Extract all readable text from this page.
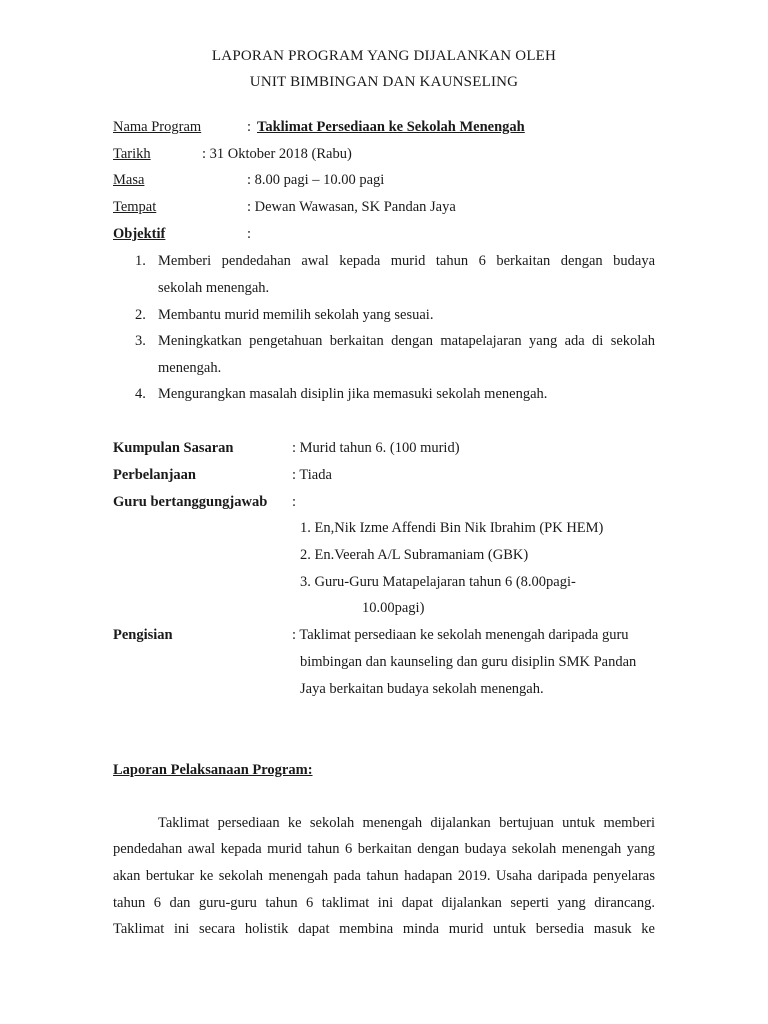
LAPORAN PROGRAM YANG DIJALANKAN OLEH
UNIT BIMBINGAN DAN KAUNSELING
Nama Program	: Taklimat Persediaan ke Sekolah Menengah
Tarikh	: 31 Oktober 2018 (Rabu)
Masa	: 8.00 pagi – 10.00 pagi
Tempat	: Dewan Wawasan, SK Pandan Jaya
Objektif	:
1. Memberi pendedahan awal kepada murid tahun 6 berkaitan dengan budaya
sekolah menengah.
2. Membantu murid memilih sekolah yang sesuai.
3. Meningkatkan pengetahuan berkaitan dengan matapelajaran yang ada di sekolah
menengah.
4. Mengurangkan masalah disiplin jika memasuki sekolah menengah.
Kumpulan Sasaran	: Murid tahun 6. (100 murid)
Perbelanjaan	: Tiada
Guru bertanggungjawab :
1. En,Nik Izme Affendi Bin Nik Ibrahim (PK HEM)
2. En.Veerah A/L Subramaniam (GBK)
3. Guru-Guru Matapelajaran tahun 6 (8.00pagi-
10.00pagi)
Pengisian	: Taklimat persediaan ke sekolah menengah daripada guru
bimbingan dan kaunseling dan guru disiplin SMK Pandan
Jaya berkaitan budaya sekolah menengah.
Laporan Pelaksanaan Program:
Taklimat persediaan ke sekolah menengah dijalankan bertujuan untuk memberi
pendedahan awal kepada murid tahun 6 berkaitan dengan budaya sekolah menengah yang
akan bertukar ke sekolah menengah pada tahun hadapan 2019. Usaha daripada penyelaras
tahun 6 dan guru-guru tahun 6 taklimat ini dapat dijalankan seperti yang dirancang.
Taklimat ini secara holistik dapat membina minda murid untuk bersedia masuk ke
